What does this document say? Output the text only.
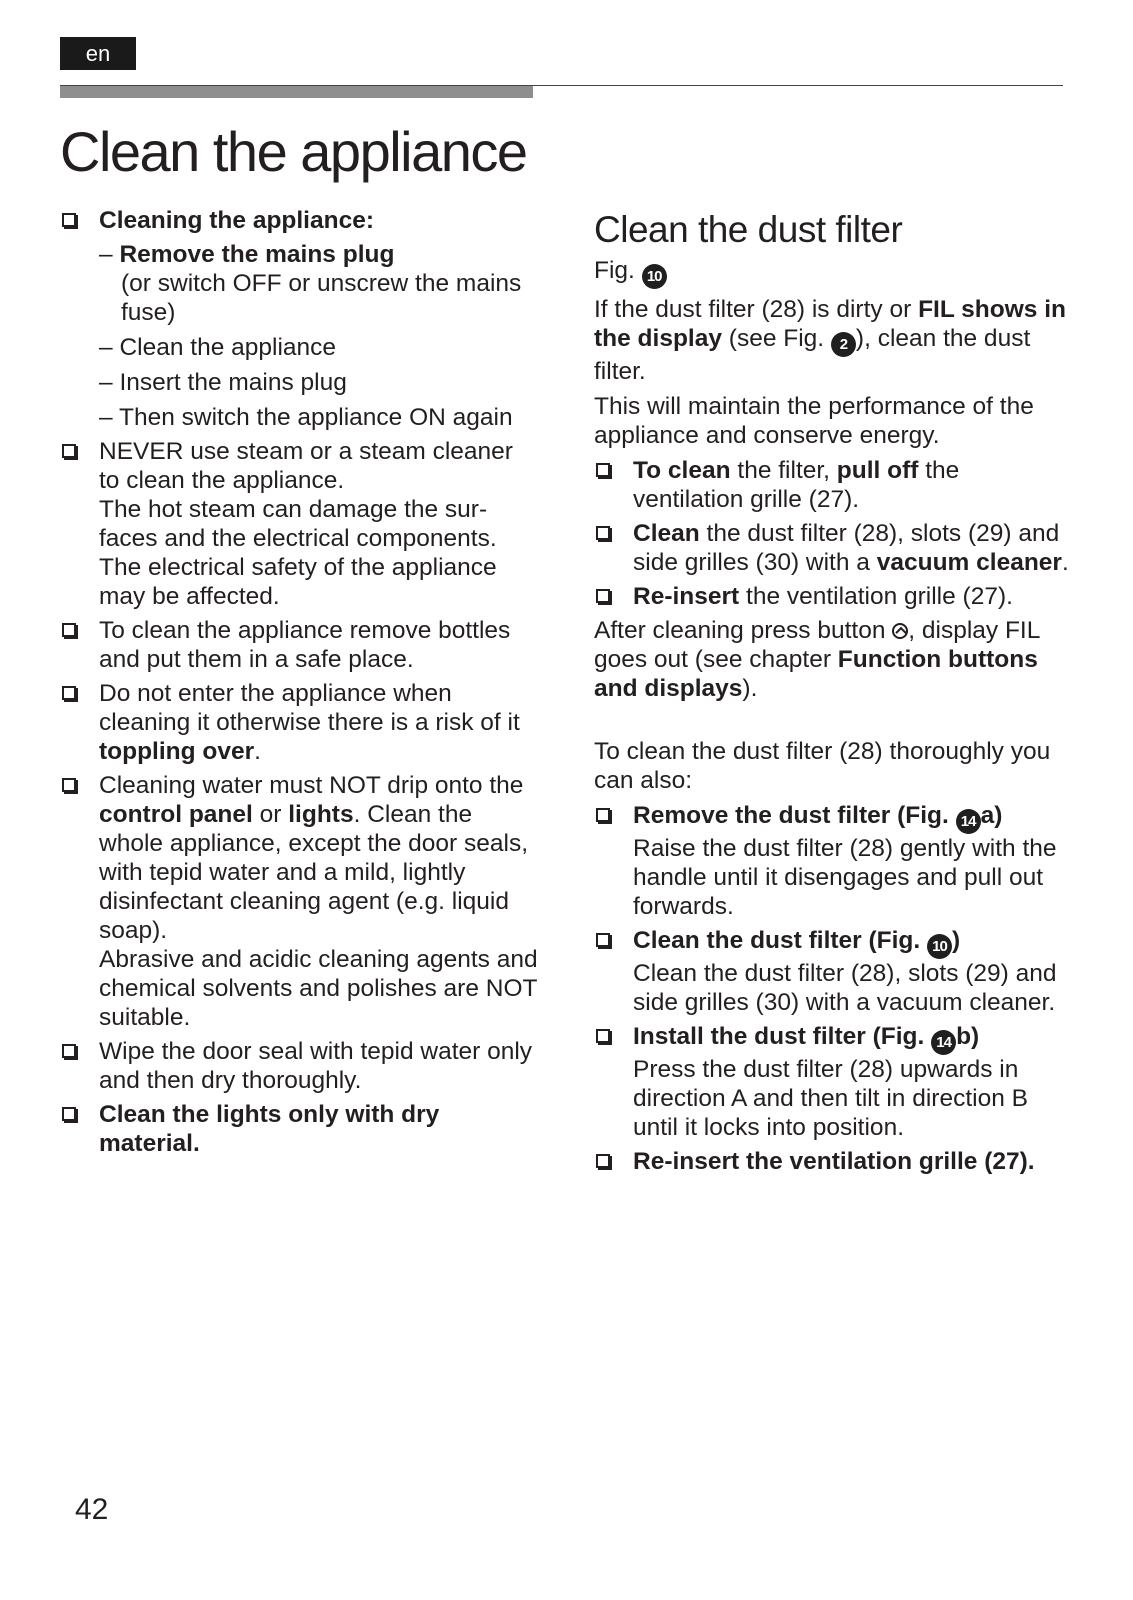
en
Clean the appliance
Cleaning the appliance:
– Remove the mains plug
(or switch OFF or unscrew the mains fuse)
– Clean the appliance
– Insert the mains plug
– Then switch the appliance ON again
NEVER use steam or a steam cleaner to clean the appliance.
The hot steam can damage the sur-faces and the electrical components.
The electrical safety of the appliance may be affected.
To clean the appliance remove bottles and put them in a safe place.
Do not enter the appliance when cleaning it otherwise there is a risk of it toppling over.
Cleaning water must NOT drip onto the control panel or lights. Clean the whole appliance, except the door seals, with tepid water and a mild, lightly disinfectant cleaning agent (e.g. liquid soap).
Abrasive and acidic cleaning agents and chemical solvents and polishes are NOT suitable.
Wipe the door seal with tepid water only and then dry thoroughly.
Clean the lights only with dry material.
Clean the dust filter

Fig. 10

If the dust filter (28) is dirty or FIL shows in the display (see Fig. 2 ), clean the dust filter.

This will maintain the performance of the appliance and conserve energy.

To clean the filter, pull off the ventilation grille (27).
Clean the dust filter (28), slots (29) and side grilles (30) with a vacuum cleaner.
Re-insert the ventilation grille (27).

After cleaning press button , display FIL goes out (see chapter Function buttons and displays).

To clean the dust filter (28) thoroughly you can also:

Remove the dust filter (Fig. 14 a)
Raise the dust filter (28) gently with the handle until it disengages and pull out forwards.
Clean the dust filter (Fig. 10 )
Clean the dust filter (28), slots (29) and side grilles (30) with a vacuum cleaner.
Install the dust filter (Fig. 14 b)
Press the dust filter (28) upwards in direction A and then tilt in direction B until it locks into position.
Re-insert the ventilation grille (27).
42
